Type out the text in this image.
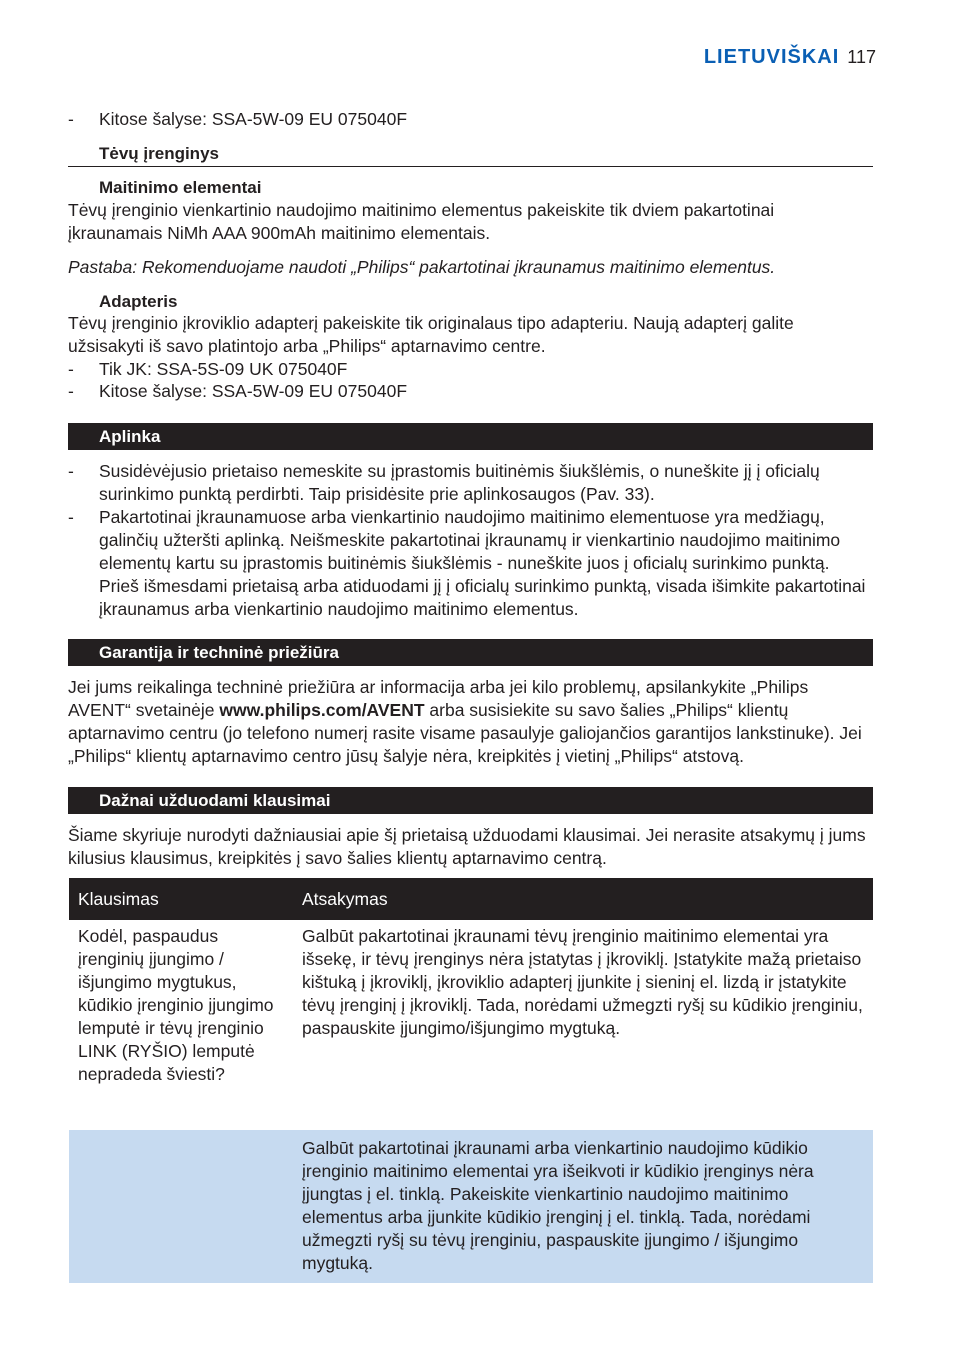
LIETUVIŠKAI 117
- Kitose šalyse: SSA-5W-09 EU 075040F
Tėvų įrenginys
Maitinimo elementai
Tėvų įrenginio vienkartinio naudojimo maitinimo elementus pakeiskite tik dviem pakartotinai įkraunamais NiMh AAA 900mAh maitinimo elementais.
Pastaba: Rekomenduojame naudoti „Philips“ pakartotinai įkraunamus maitinimo elementus.
Adapteris
Tėvų įrenginio įkroviklio adapterį pakeiskite tik originalaus tipo adapteriu. Naują adapterį galite užsisakyti iš savo platintojo arba „Philips“ aptarnavimo centre.
- Tik JK: SSA-5S-09 UK 075040F
- Kitose šalyse: SSA-5W-09 EU 075040F
Aplinka
- Susidėvėjusio prietaiso nemeskite su įprastomis buitinėmis šiukšlėmis, o nuneškite jį į oficialų surinkimo punktą perdirbti. Taip prisidėsite prie aplinkosaugos (Pav. 33).
- Pakartotinai įkraunamuose arba vienkartinio naudojimo maitinimo elementuose yra medžiagų, galinčių užteršti aplinką. Neišmeskite pakartotinai įkraunamų ir vienkartinio naudojimo maitinimo elementų kartu su įprastomis buitinėmis šiukšlėmis - nuneškite juos į oficialų surinkimo punktą. Prieš išmesdami prietaisą arba atiduodami jį į oficialų surinkimo punktą, visada išimkite pakartotinai įkraunamus arba vienkartinio naudojimo maitinimo elementus.
Garantija ir techninė priežiūra
Jei jums reikalinga techninė priežiūra ar informacija arba jei kilo problemų, apsilankykite „Philips AVENT“ svetainėje www.philips.com/AVENT arba susisiekite su savo šalies „Philips“ klientų aptarnavimo centru (jo telefono numerį rasite visame pasaulyje galiojančios garantijos lankstinuke). Jei „Philips“ klientų aptarnavimo centro jūsų šalyje nėra, kreipkitės į vietinį „Philips“ atstovą.
Dažnai užduodami klausimai
Šiame skyriuje nurodyti dažniausiai apie šį prietaisą užduodami klausimai. Jei nerasite atsakymų į jums kilusius klausimus, kreipkitės į savo šalies klientų aptarnavimo centrą.
Klausimas	Atsakymas
Kodėl, paspaudus įrenginių įjungimo / išjungimo mygtukus, kūdikio įrenginio įjungimo lemputė ir tėvų įrenginio LINK (RYŠIO) lemputė nepradeda šviesti?	Galbūt pakartotinai įkraunami tėvų įrenginio maitinimo elementai yra išsekę, ir tėvų įrenginys nėra įstatytas į įkroviklį. Įstatykite mažą prietaiso kištuką į įkroviklį, įkroviklio adapterį įjunkite į sieninį el. lizdą ir įstatykite tėvų įrenginį į įkroviklį. Tada, norėdami užmegzti ryšį su kūdikio įrenginiu, paspauskite įjungimo/išjungimo mygtuką.
	Galbūt pakartotinai įkraunami arba vienkartinio naudojimo kūdikio įrenginio maitinimo elementai yra išeikvoti ir kūdikio įrenginys nėra įjungtas į el. tinklą. Pakeiskite vienkartinio naudojimo maitinimo elementus arba įjunkite kūdikio įrenginį į el. tinklą. Tada, norėdami užmegzti ryšį su tėvų įrenginiu, paspauskite įjungimo / išjungimo mygtuką.
